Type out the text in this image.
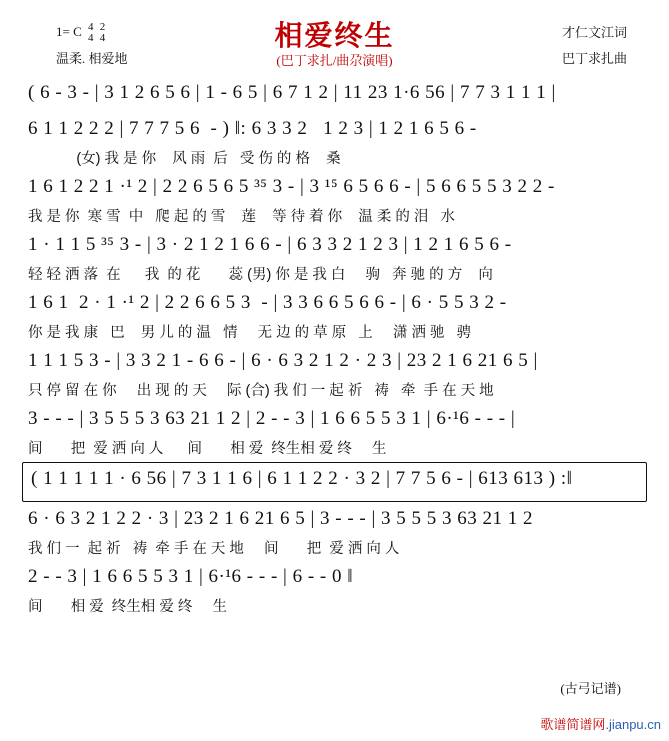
1= C 4
4

2
4
温柔. 相爱地
相爱终生
(巴丁求扎/曲尕演唱)
才仁文江词
巴丁求扎曲
( 6 - 3 - | 3 1 2 6 5 6 | 1 - 6 5 | 6 7 1 2 | 11 23 1·6 56 | 7 7 3 1 1 1 |
6 1 1 2 2 2 | 7 7 7 5 6  - ) ‖: 6 3 3 2   1 2 3 | 1 2 1 6 5 6 -
(女) 我 是 你    风 雨  后   受 伤 的 格    桑
1 6 1 2 2 1 ·¹ 2 | 2 2 6 5 6 5 ³⁵ 3 - | 3 ¹⁵ 6 5 6 6 - | 5 6 6 5 5 3 2 2 -
我 是 你  寒 雪  中   爬 起 的 雪    莲    等 待 着 你    温 柔 的 泪   水
1 · 1 1 5 ³⁵ 3 - | 3 · 2 1 2 1 6 6 - | 6 3 3 2 1 2 3 | 1 2 1 6 5 6 -
轻 轻 洒 落  在      我  的 花       蕊 (男) 你 是 我 白     驹   奔 驰 的 方    向
1 6 1  2 · 1 ·¹ 2 | 2 2 6 6 5 3  - | 3 3 6 6 5 6 6 - | 6 · 5 5 3 2 -
你 是 我 康   巴    男 儿 的 温   情     无 边 的 草 原   上     潇 洒 驰   骋
1 1 1 5 3 - | 3 3 2 1 - 6 6 - | 6 · 6 3 2 1 2 · 2 3 | 23 2 1 6 21 6 5 |
只 停 留 在 你     出 现 的 天     际 (合) 我 们 一 起 祈   祷   牵  手 在 天 地
3 - - - | 3 5 5 5 3 63 21 1 2 | 2 - - 3 | 1 6 6 5 5 3 1 | 6·¹6 - - - |
间       把  爱 洒 向 人      间       相 爱  终生相 爱 终     生
( 1 1 1 1 1 · 6 56 | 7 3 1 1 6 | 6 1 1 2 2 · 3 2 | 7 7 5 6 - | 613 613 ) :‖
6 · 6 3 2 1 2 2 · 3 | 23 2 1 6 21 6 5 | 3 - - - | 3 5 5 5 3 63 21 1 2
我 们 一  起 祈   祷  牵 手 在 天 地     间       把  爱 洒 向 人
2 - - 3 | 1 6 6 5 5 3 1 | 6·¹6 - - - | 6 - - 0 ‖
间       相 爱  终生相 爱 终     生
(古弓记谱)
歌谱简谱网.jianpu.cn
